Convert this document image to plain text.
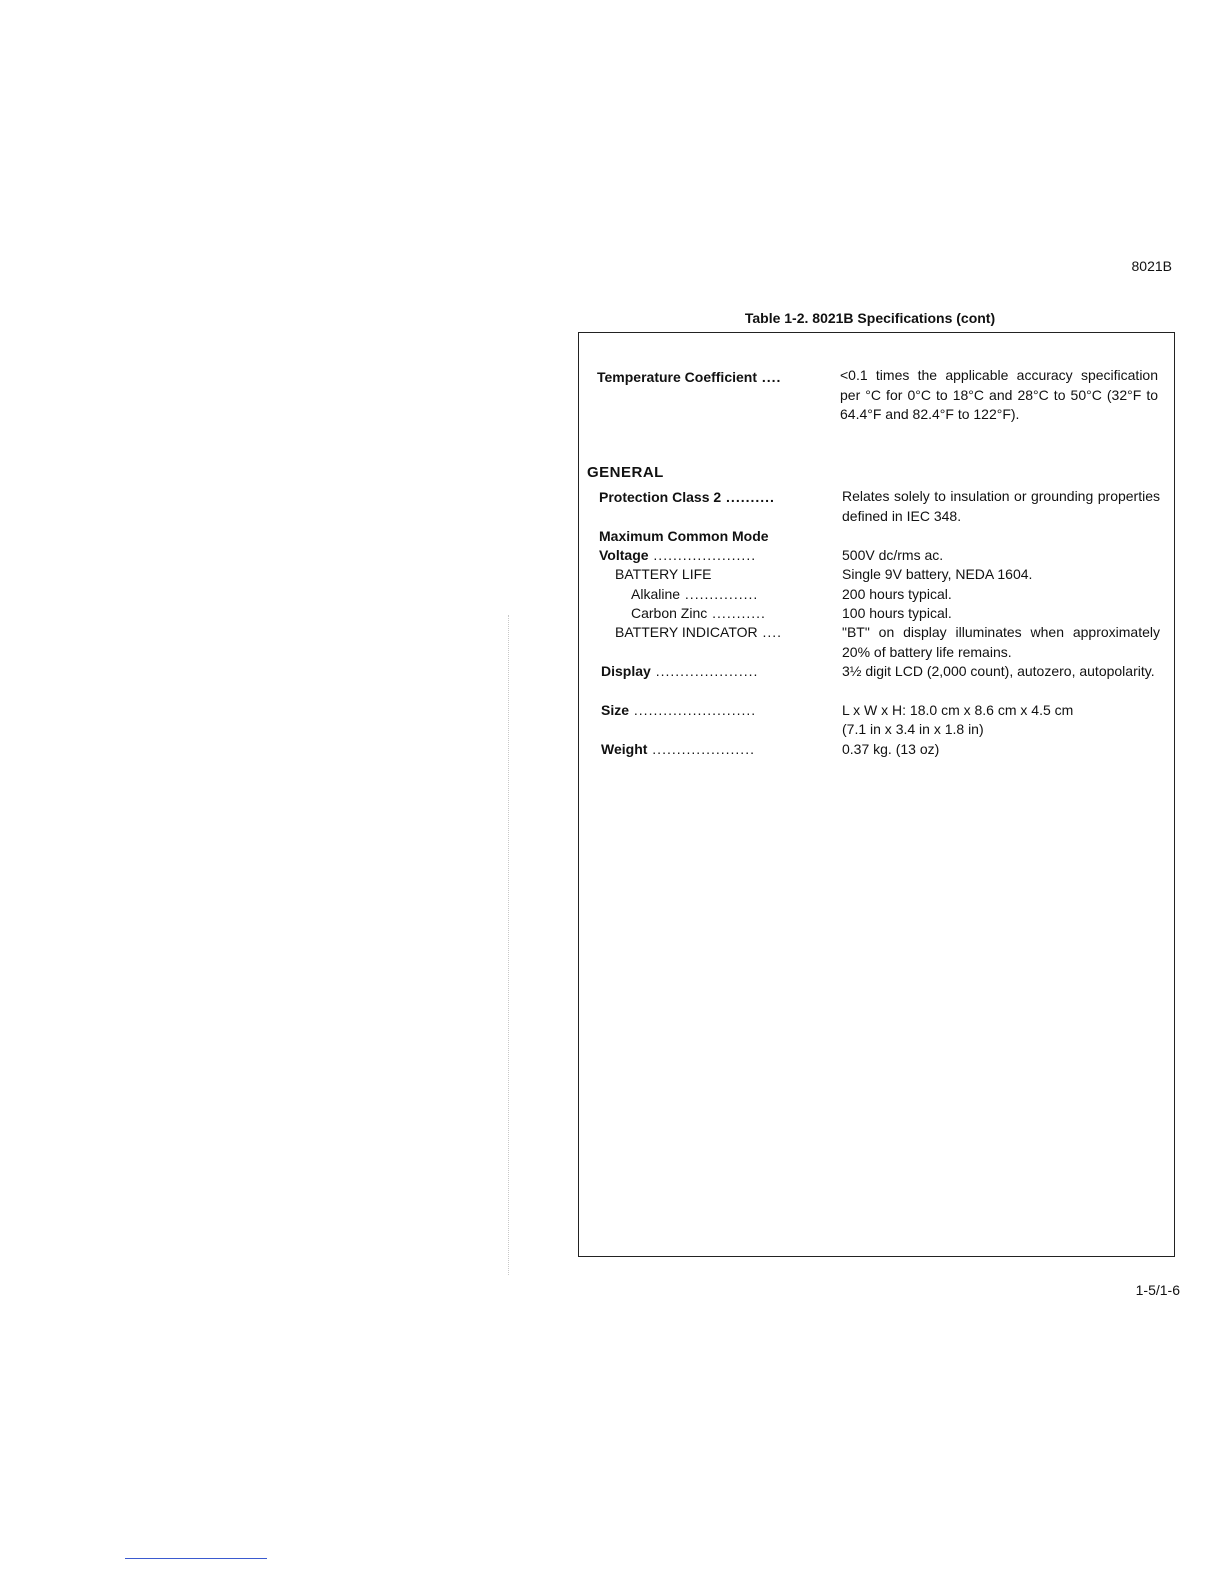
8021B
Table 1-2. 8021B Specifications (cont)
Temperature Coefficient ....	<0.1 times the applicable accuracy specification per °C for 0°C to 18°C and 28°C to 50°C (32°F to 64.4°F and 82.4°F to 122°F).
GENERAL
Protection Class 2 ..........	Relates solely to insulation or grounding properties defined in IEC 348.
Maximum Common Mode
Voltage .....................	500V dc/rms ac.
BATTERY LIFE	Single 9V battery, NEDA 1604.
Alkaline ...............	200 hours typical.
Carbon Zinc ...........	100 hours typical.
BATTERY INDICATOR ....	"BT" on display illuminates when approximately 20% of battery life remains.
Display .....................	3½ digit LCD (2,000 count), autozero, autopolarity.
Size .........................	L x W x H: 18.0 cm x 8.6 cm x 4.5 cm
(7.1 in x 3.4 in x 1.8 in)
Weight .....................	0.37 kg. (13 oz)
1-5/1-6
